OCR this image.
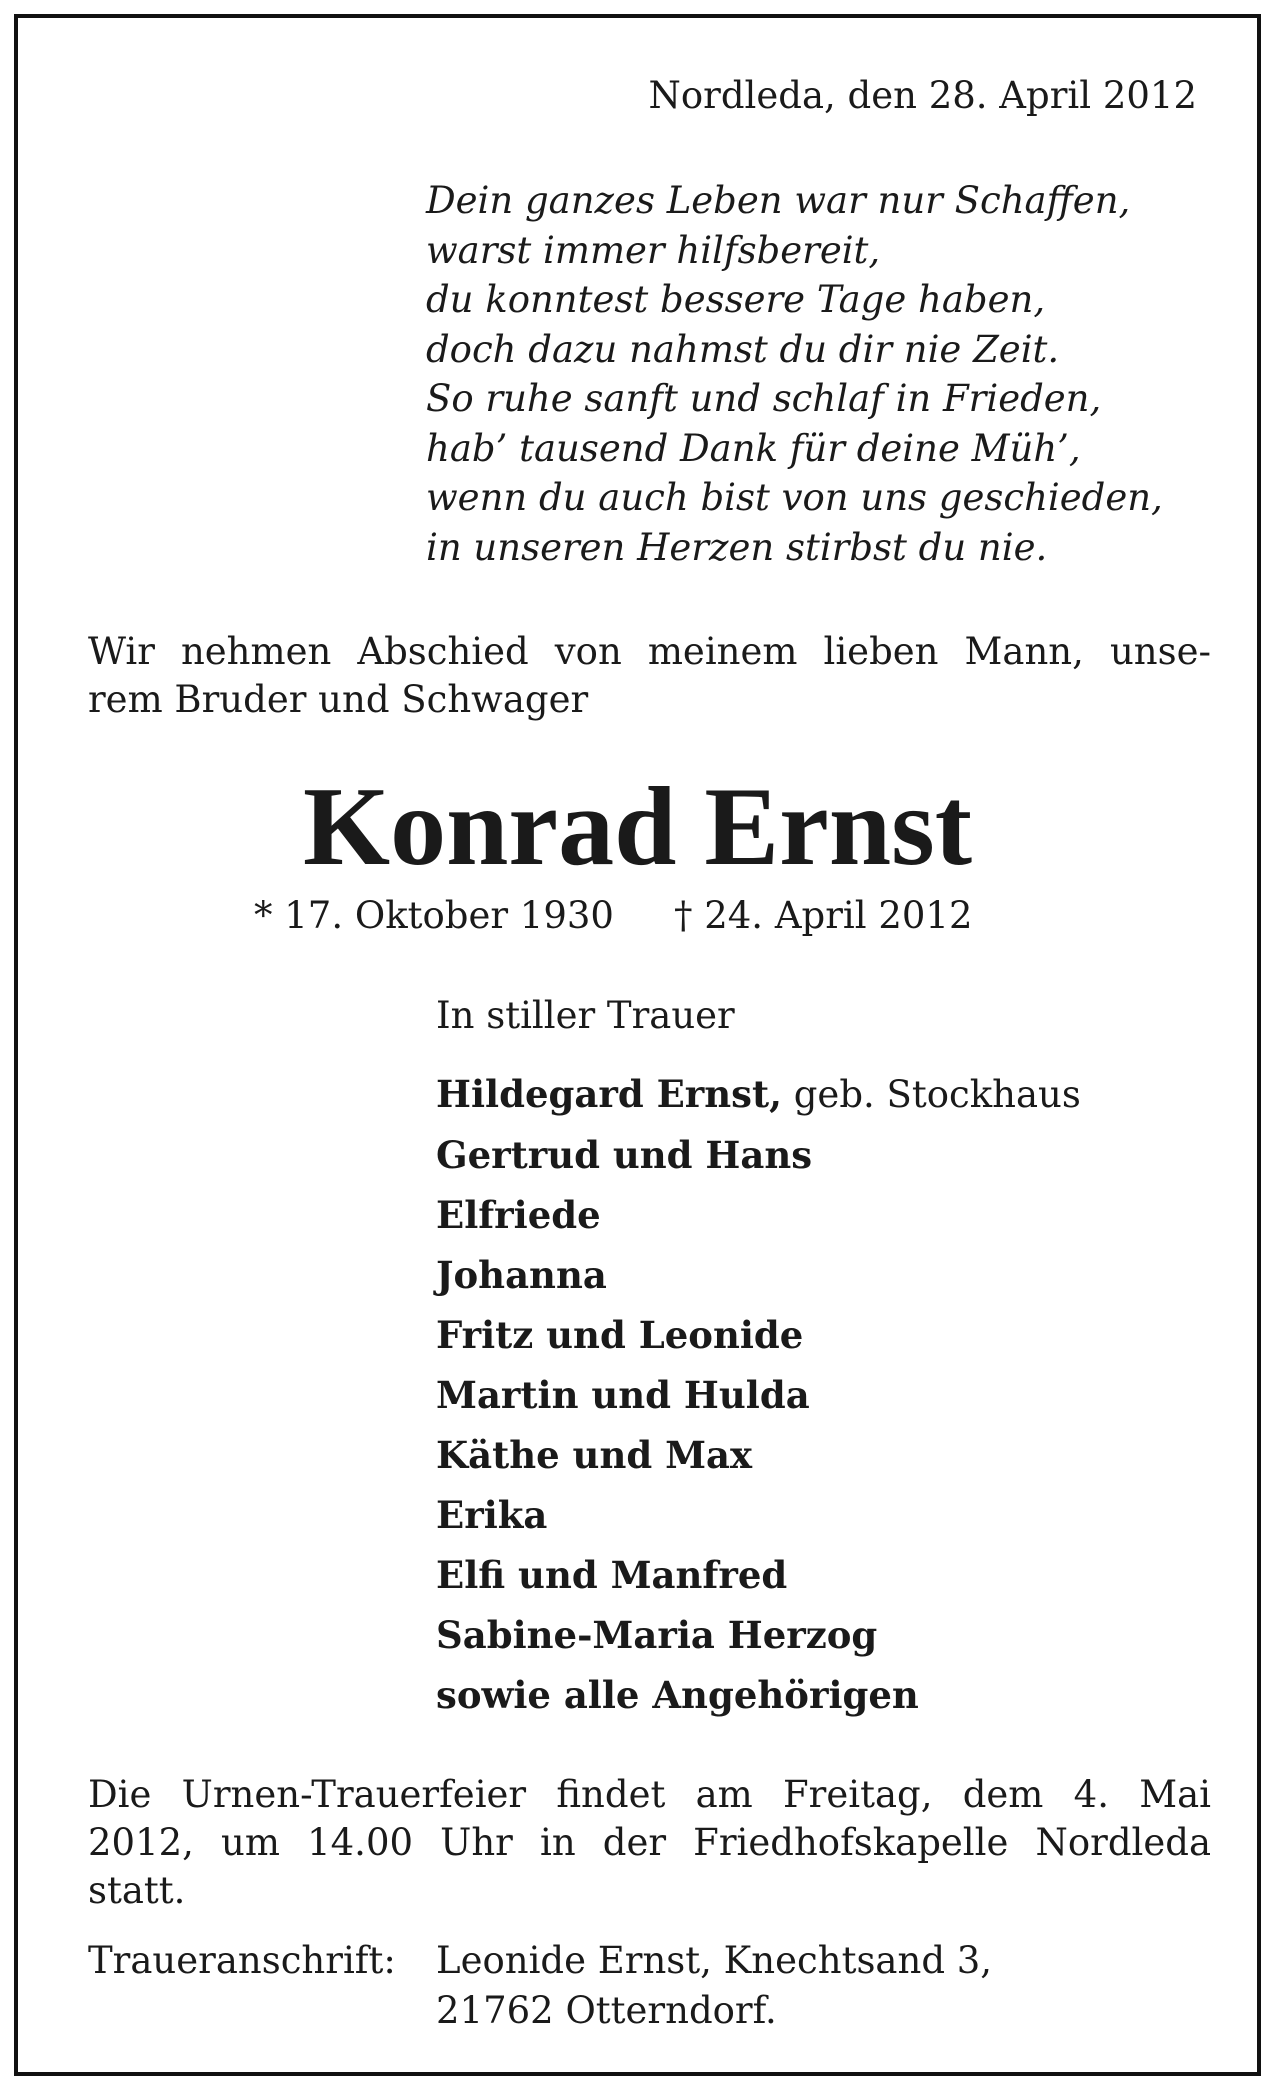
Nordleda, den 28. April 2012
Dein ganzes Leben war nur Schaffen,
warst immer hilfsbereit,
du konntest bessere Tage haben,
doch dazu nahmst du dir nie Zeit.
So ruhe sanft und schlaf in Frieden,
hab’ tausend Dank für deine Müh’,
wenn du auch bist von uns geschieden,
in unseren Herzen stirbst du nie.
Wir nehmen Abschied von meinem lieben Mann, unse-
rem Bruder und Schwager
Konrad Ernst
* 17. Oktober 1930 † 24. April 2012
In stiller Trauer
Hildegard Ernst, geb. Stockhaus
Gertrud und Hans
Elfriede
Johanna
Fritz und Leonide
Martin und Hulda
Käthe und Max
Erika
Elfi und Manfred
Sabine-Maria Herzog
sowie alle Angehörigen
Die Urnen-Trauerfeier findet am Freitag, dem 4. Mai
2012, um 14.00 Uhr in der Friedhofskapelle Nordleda
statt.
Traueranschrift: Leonide Ernst, Knechtsand 3,
21762 Otterndorf.
